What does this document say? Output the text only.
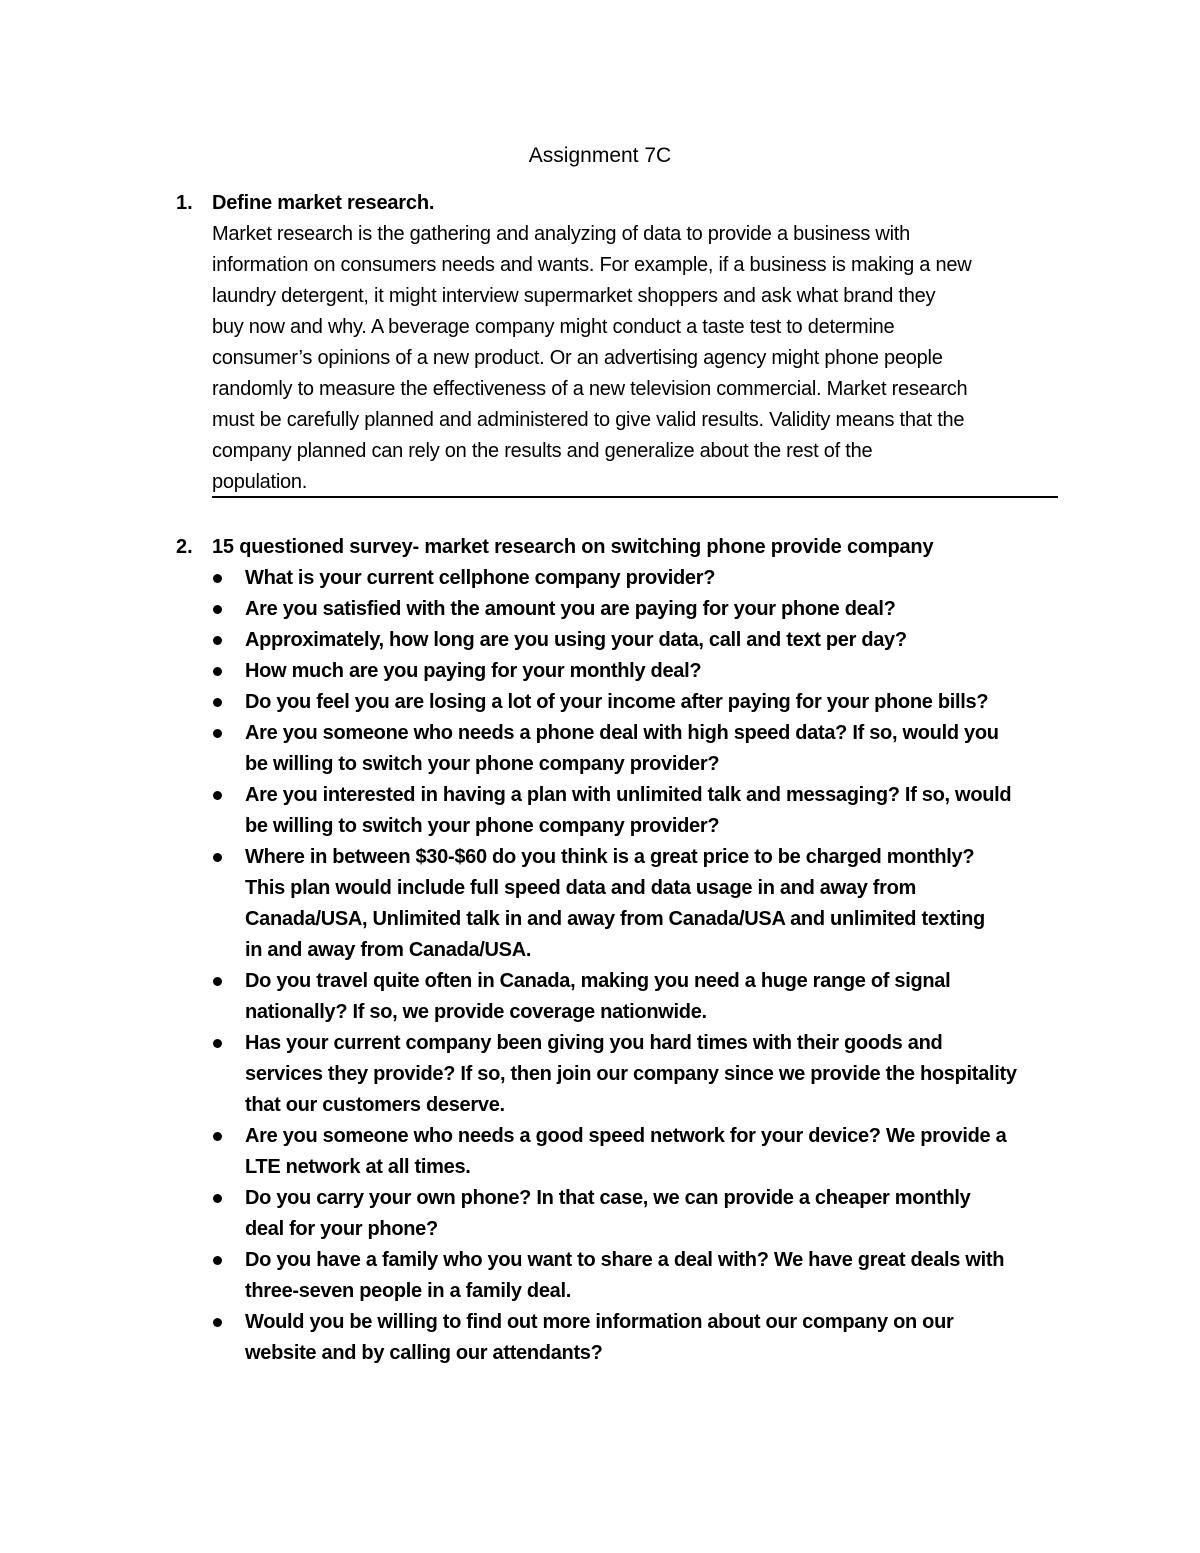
Assignment 7C
1. Define market research.
Market research is the gathering and analyzing of data to provide a business with
information on consumers needs and wants. For example, if a business is making a new
laundry detergent, it might interview supermarket shoppers and ask what brand they
buy now and why. A beverage company might conduct a taste test to determine
consumer’s opinions of a new product. Or an advertising agency might phone people
randomly to measure the effectiveness of a new television commercial. Market research
must be carefully planned and administered to give valid results. Validity means that the
company planned can rely on the results and generalize about the rest of the
population.
2. 15 questioned survey- market research on switching phone provide company
What is your current cellphone company provider?
Are you satisfied with the amount you are paying for your phone deal?
Approximately, how long are you using your data, call and text per day?
How much are you paying for your monthly deal?
Do you feel you are losing a lot of your income after paying for your phone bills?
Are you someone who needs a phone deal with high speed data? If so, would you
be willing to switch your phone company provider?
Are you interested in having a plan with unlimited talk and messaging? If so, would
be willing to switch your phone company provider?
Where in between $30-$60 do you think is a great price to be charged monthly?
This plan would include full speed data and data usage in and away from
Canada/USA, Unlimited talk in and away from Canada/USA and unlimited texting
in and away from Canada/USA.
Do you travel quite often in Canada, making you need a huge range of signal
nationally? If so, we provide coverage nationwide.
Has your current company been giving you hard times with their goods and
services they provide? If so, then join our company since we provide the hospitality
that our customers deserve.
Are you someone who needs a good speed network for your device? We provide a
LTE network at all times.
Do you carry your own phone? In that case, we can provide a cheaper monthly
deal for your phone?
Do you have a family who you want to share a deal with? We have great deals with
three-seven people in a family deal.
Would you be willing to find out more information about our company on our
website and by calling our attendants?
